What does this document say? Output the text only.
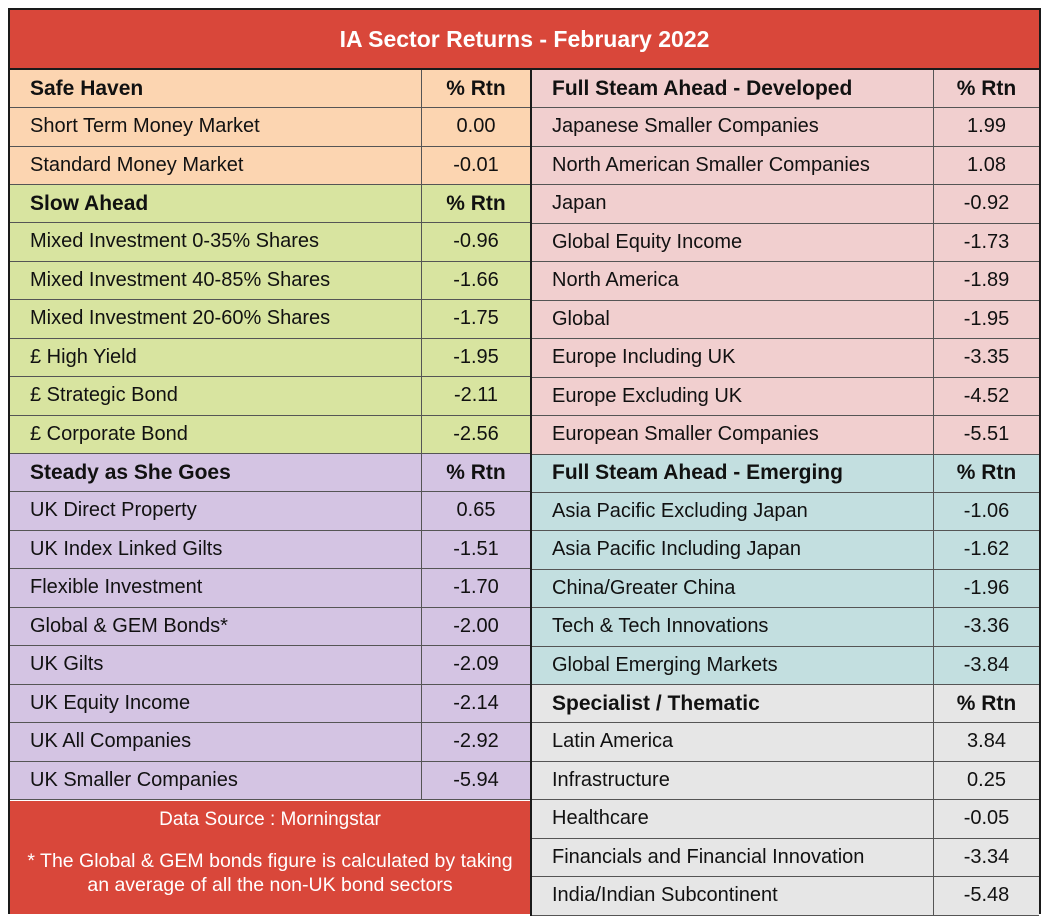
IA Sector Returns - February 2022
Safe Haven	% Rtn
Short Term Money Market	0.00
Standard Money Market	-0.01
Slow Ahead	% Rtn
Mixed Investment 0-35% Shares	-0.96
Mixed Investment 40-85% Shares	-1.66
Mixed Investment 20-60% Shares	-1.75
£ High Yield	-1.95
£ Strategic Bond	-2.11
£ Corporate Bond	-2.56
Steady as She Goes	% Rtn
UK Direct Property	0.65
UK Index Linked Gilts	-1.51
Flexible Investment	-1.70
Global & GEM Bonds*	-2.00
UK Gilts	-2.09
UK Equity Income	-2.14
UK All Companies	-2.92
UK Smaller Companies	-5.94
Full Steam Ahead - Developed	% Rtn
Japanese Smaller Companies	1.99
North American Smaller Companies	1.08
Japan	-0.92
Global Equity Income	-1.73
North America	-1.89
Global	-1.95
Europe Including UK	-3.35
Europe Excluding UK	-4.52
European Smaller Companies	-5.51
Full Steam Ahead - Emerging	% Rtn
Asia Pacific Excluding Japan	-1.06
Asia Pacific Including Japan	-1.62
China/Greater China	-1.96
Tech & Tech Innovations	-3.36
Global Emerging Markets	-3.84
Specialist / Thematic	% Rtn
Latin America	3.84
Infrastructure	0.25
Healthcare	-0.05
Financials and Financial Innovation	-3.34
India/Indian Subcontinent	-5.48
Data Source : Morningstar
* The Global & GEM bonds figure is calculated by taking an average of all the non-UK bond sectors
